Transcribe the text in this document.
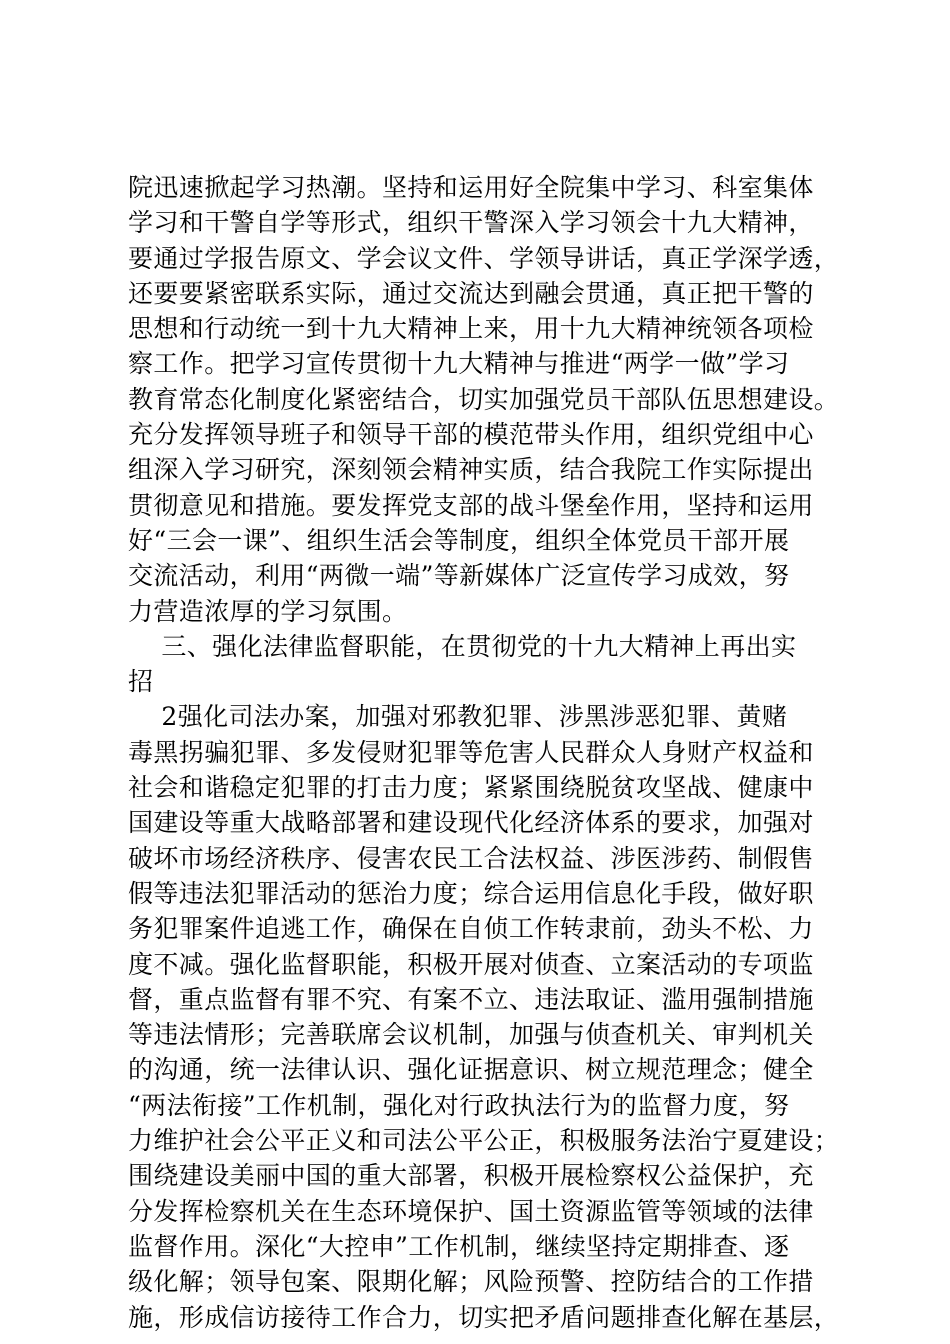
院迅速掀起学习热潮。坚持和运用好全院集中学习、科室集体
学习和干警自学等形式，组织干警深入学习领会十九大精神，
要通过学报告原文、学会议文件、学领导讲话，真正学深学透，
还要要紧密联系实际，通过交流达到融会贯通，真正把干警的
思想和行动统一到十九大精神上来，用十九大精神统领各项检
察工作。把学习宣传贯彻十九大精神与推进“两学一做”学习
教育常态化制度化紧密结合，切实加强党员干部队伍思想建设。
充分发挥领导班子和领导干部的模范带头作用，组织党组中心
组深入学习研究，深刻领会精神实质，结合我院工作实际提出
贯彻意见和措施。要发挥党支部的战斗堡垒作用，坚持和运用
好“三会一课”、组织生活会等制度，组织全体党员干部开展
交流活动，利用“两微一端”等新媒体广泛宣传学习成效，努
力营造浓厚的学习氛围。
三、强化法律监督职能，在贯彻党的十九大精神上再出实
招
2强化司法办案，加强对邪教犯罪、涉黑涉恶犯罪、黄赌
毒黑拐骗犯罪、多发侵财犯罪等危害人民群众人身财产权益和
社会和谐稳定犯罪的打击力度；紧紧围绕脱贫攻坚战、健康中
国建设等重大战略部署和建设现代化经济体系的要求，加强对
破坏市场经济秩序、侵害农民工合法权益、涉医涉药、制假售
假等违法犯罪活动的惩治力度；综合运用信息化手段，做好职
务犯罪案件追逃工作，确保在自侦工作转隶前，劲头不松、力
度不减。强化监督职能，积极开展对侦查、立案活动的专项监
督，重点监督有罪不究、有案不立、违法取证、滥用强制措施
等违法情形；完善联席会议机制，加强与侦查机关、审判机关
的沟通，统一法律认识、强化证据意识、树立规范理念；健全
“两法衔接”工作机制，强化对行政执法行为的监督力度，努
力维护社会公平正义和司法公平公正，积极服务法治宁夏建设；
围绕建设美丽中国的重大部署，积极开展检察权公益保护，充
分发挥检察机关在生态环境保护、国土资源监管等领域的法律
监督作用。深化“大控申”工作机制，继续坚持定期排查、逐
级化解；领导包案、限期化解；风险预警、控防结合的工作措
施，形成信访接待工作合力，切实把矛盾问题排查化解在基层，
